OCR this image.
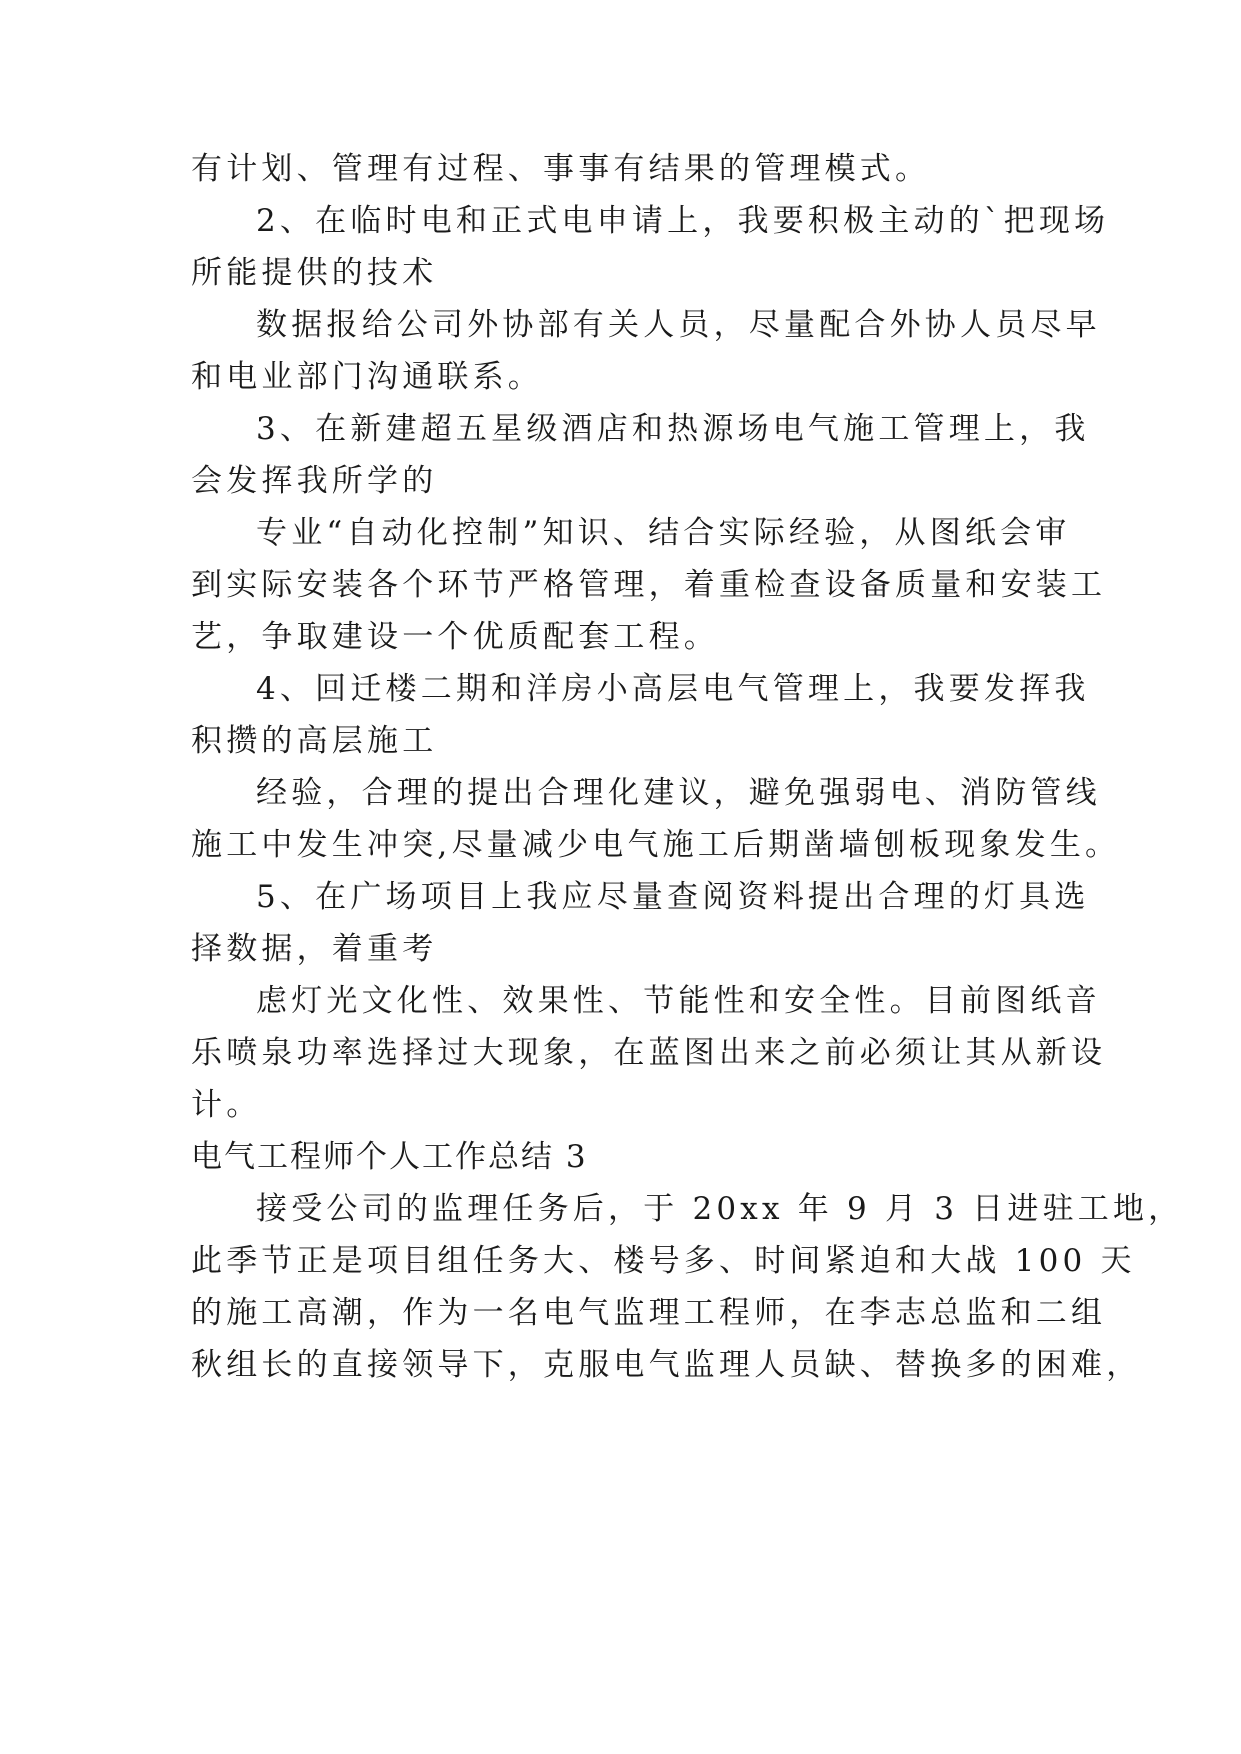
有计划、管理有过程、事事有结果的管理模式。
2、在临时电和正式电申请上，我要积极主动的`把现场
所能提供的技术
数据报给公司外协部有关人员，尽量配合外协人员尽早
和电业部门沟通联系。
3、在新建超五星级酒店和热源场电气施工管理上，我
会发挥我所学的
专业“自动化控制”知识、结合实际经验，从图纸会审
到实际安装各个环节严格管理，着重检查设备质量和安装工
艺，争取建设一个优质配套工程。
4、回迁楼二期和洋房小高层电气管理上，我要发挥我
积攒的高层施工
经验，合理的提出合理化建议，避免强弱电、消防管线
施工中发生冲突,尽量减少电气施工后期凿墙刨板现象发生。
5、在广场项目上我应尽量查阅资料提出合理的灯具选
择数据，着重考
虑灯光文化性、效果性、节能性和安全性。目前图纸音
乐喷泉功率选择过大现象，在蓝图出来之前必须让其从新设
计。
电气工程师个人工作总结 3
接受公司的监理任务后，于 20xx 年 9 月 3 日进驻工地，
此季节正是项目组任务大、楼号多、时间紧迫和大战 100 天
的施工高潮，作为一名电气监理工程师，在李志总监和二组
秋组长的直接领导下，克服电气监理人员缺、替换多的困难，
